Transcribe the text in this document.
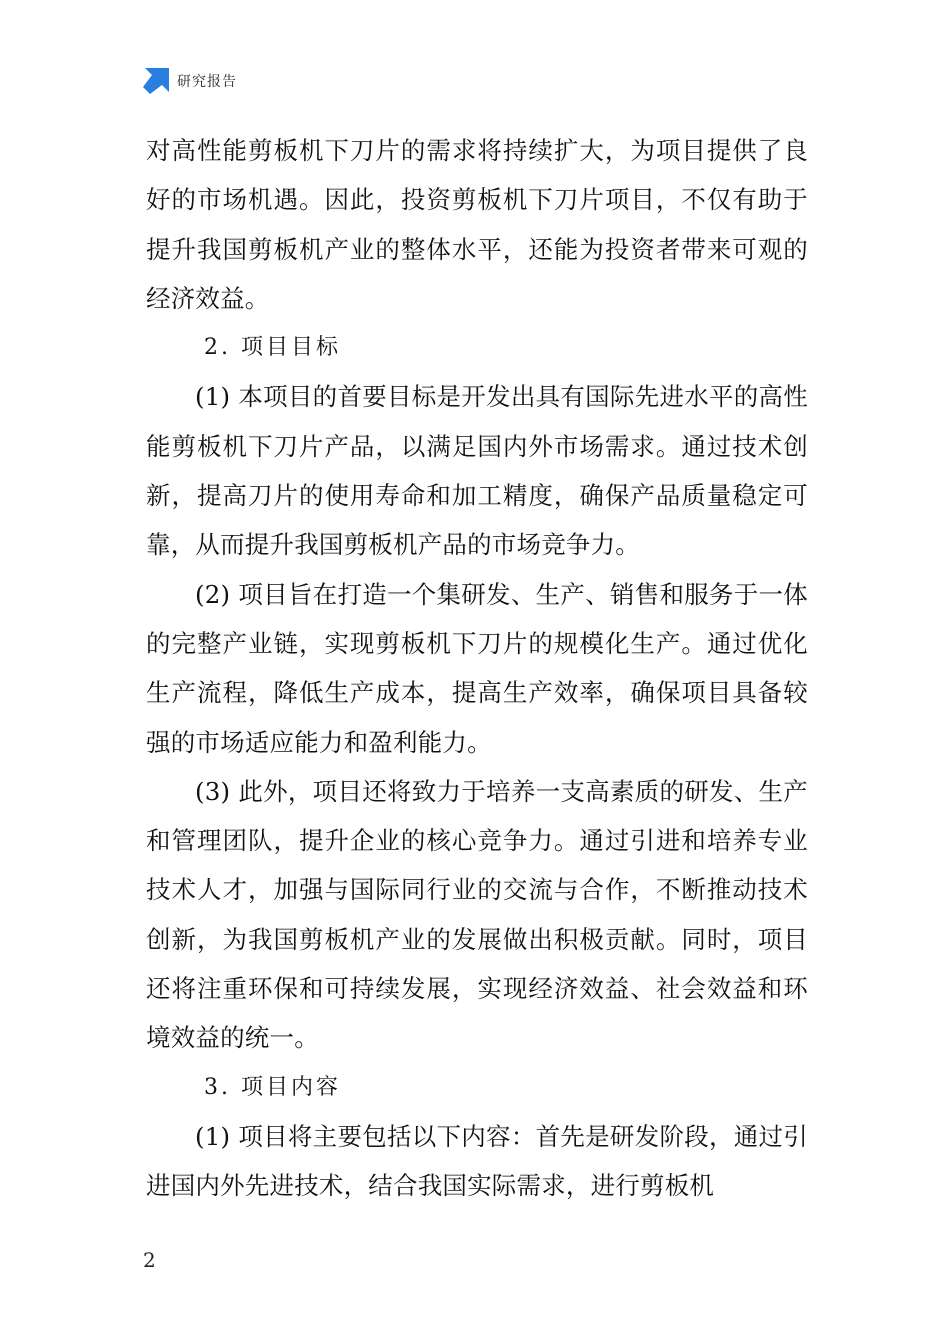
研究报告

对高性能剪板机下刀片的需求将持续扩大，为项目提供了良好的市场机遇。因此，投资剪板机下刀片项目，不仅有助于提升我国剪板机产业的整体水平，还能为投资者带来可观的经济效益。

2. 项目目标

(1) 本项目的首要目标是开发出具有国际先进水平的高性能剪板机下刀片产品，以满足国内外市场需求。通过技术创新，提高刀片的使用寿命和加工精度，确保产品质量稳定可靠，从而提升我国剪板机产品的市场竞争力。

(2) 项目旨在打造一个集研发、生产、销售和服务于一体的完整产业链，实现剪板机下刀片的规模化生产。通过优化生产流程，降低生产成本，提高生产效率，确保项目具备较强的市场适应能力和盈利能力。

(3) 此外，项目还将致力于培养一支高素质的研发、生产和管理团队，提升企业的核心竞争力。通过引进和培养专业技术人才，加强与国际同行业的交流与合作，不断推动技术创新，为我国剪板机产业的发展做出积极贡献。同时，项目还将注重环保和可持续发展，实现经济效益、社会效益和环境效益的统一。

3. 项目内容

(1) 项目将主要包括以下内容：首先是研发阶段，通过引进国内外先进技术，结合我国实际需求，进行剪板机

2
